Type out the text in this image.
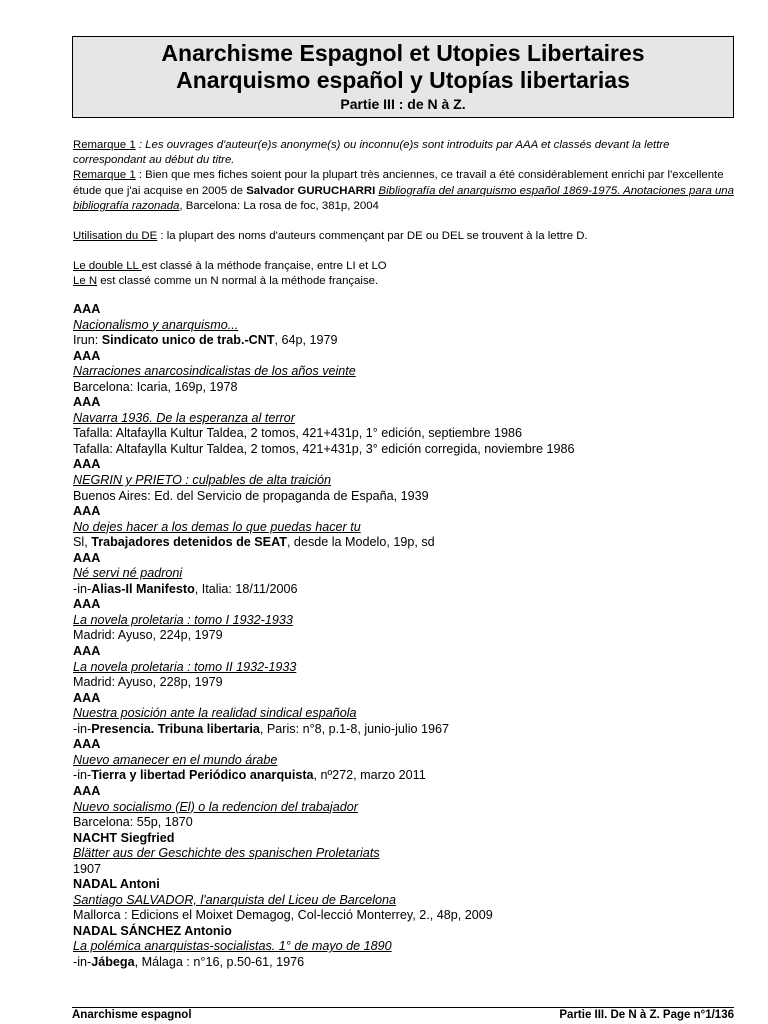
Anarchisme Espagnol et Utopies Libertaires
Anarquismo español y Utopías libertarias
Partie III : de N à Z.

Remarque 1 : Les ouvrages d'auteur(e)s anonyme(s) ou inconnu(e)s sont introduits par AAA et classés devant la lettre correspondant au début du titre.

Remarque 1 : Bien que mes fiches soient pour la plupart très anciennes, ce travail a été considérablement enrichi par l'excellente étude que j'ai acquise en 2005 de Salvador GURUCHARRI Bibliografía del anarquismo español 1869-1975. Anotaciones para una bibliografía razonada, Barcelona: La rosa de foc, 381p, 2004

Utilisation du DE : la plupart des noms d'auteurs commençant par DE ou DEL se trouvent à la lettre D.

Le double LL est classé à la méthode française, entre LI et LO

Le N est classé comme un N normal à la méthode française.

AAA
Nacionalismo y anarquismo...
Irun: Sindicato unico de trab.-CNT, 64p, 1979
AAA
Narraciones anarcosindicalistas de los años veinte
Barcelona: Icaria, 169p, 1978
AAA
Navarra 1936. De la esperanza al terror
Tafalla: Altafaylla Kultur Taldea, 2 tomos, 421+431p, 1° edición, septiembre 1986
Tafalla: Altafaylla Kultur Taldea, 2 tomos, 421+431p, 3° edición corregida, noviembre 1986
AAA
NEGRIN y PRIETO : culpables de alta traición
Buenos Aires: Ed. del Servicio de propaganda de España, 1939
AAA
No dejes hacer a los demas lo que puedas hacer tu
Sl, Trabajadores detenidos de SEAT, desde la Modelo, 19p, sd
AAA
Né servi né padroni
-in-Alias-Il Manifesto, Italia: 18/11/2006
AAA
La novela proletaria : tomo I 1932-1933
Madrid: Ayuso, 224p, 1979
AAA
La novela proletaria : tomo II 1932-1933
Madrid: Ayuso, 228p, 1979
AAA
Nuestra posición ante la realidad sindical española
-in-Presencia. Tribuna libertaria, Paris: n°8, p.1-8, junio-julio 1967
AAA
Nuevo amanecer en el mundo árabe
-in-Tierra y libertad Periódico anarquista, nº272, marzo 2011
AAA
Nuevo socialismo (El) o la redencion del trabajador
Barcelona: 55p, 1870
NACHT Siegfried
Blätter aus der Geschichte des spanischen Proletariats
1907
NADAL Antoni
Santiago SALVADOR, l'anarquista del Liceu de Barcelona
Mallorca : Edicions el Moixet Demagog, Col-lecció Monterrey, 2., 48p, 2009
NADAL SÁNCHEZ Antonio
La polémica anarquistas-socialistas. 1° de mayo de 1890
-in-Jábega, Málaga : n°16, p.50-61, 1976
Anarchisme espagnol	Partie III. De N à Z. Page n°1/136
